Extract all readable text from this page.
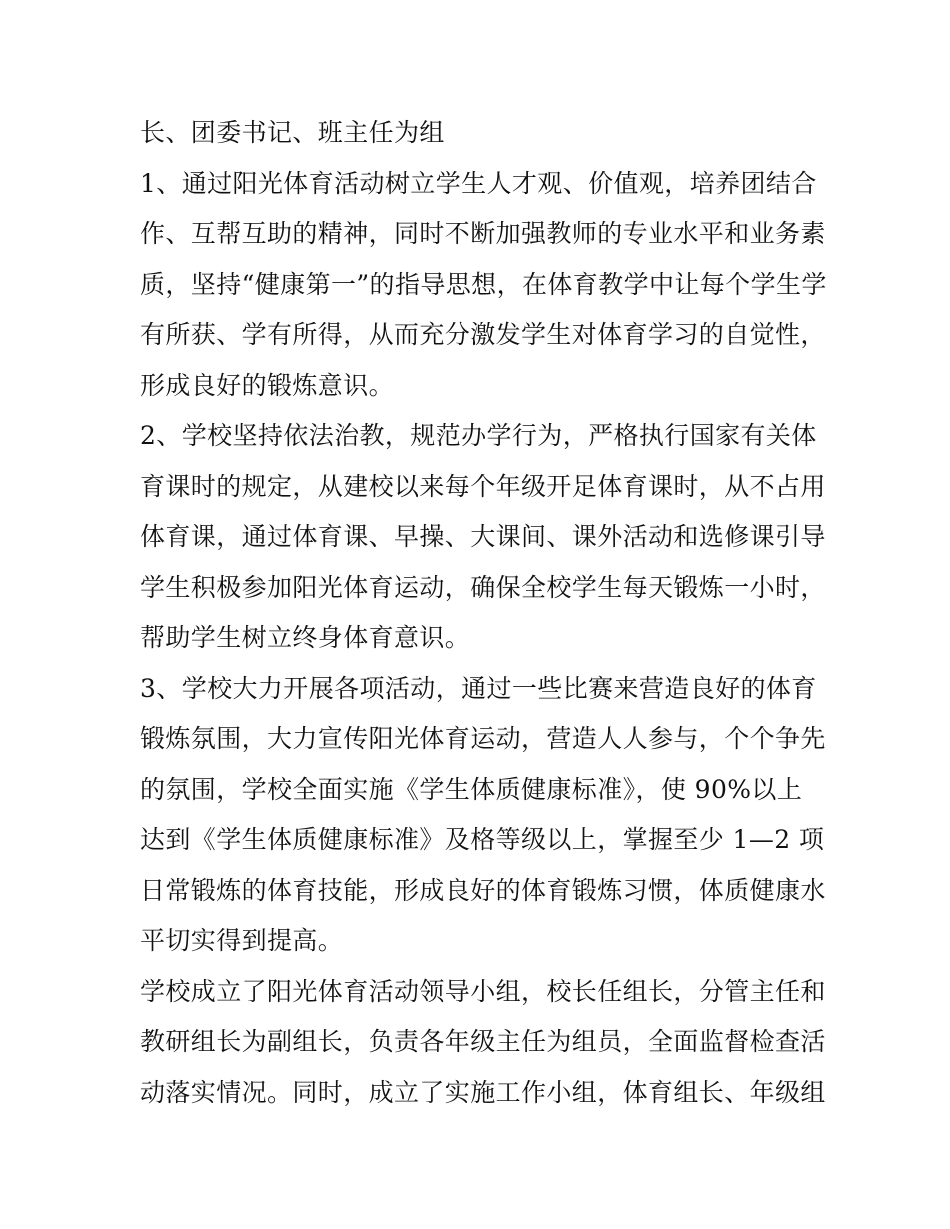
长、团委书记、班主任为组
1、通过阳光体育活动树立学生人才观、价值观，培养团结合
作、互帮互助的精神，同时不断加强教师的专业水平和业务素
质，坚持“健康第一”的指导思想，在体育教学中让每个学生学
有所获、学有所得，从而充分激发学生对体育学习的自觉性，
形成良好的锻炼意识。
2、学校坚持依法治教，规范办学行为，严格执行国家有关体
育课时的规定，从建校以来每个年级开足体育课时，从不占用
体育课，通过体育课、早操、大课间、课外活动和选修课引导
学生积极参加阳光体育运动，确保全校学生每天锻炼一小时，
帮助学生树立终身体育意识。
3、学校大力开展各项活动，通过一些比赛来营造良好的体育
锻炼氛围，大力宣传阳光体育运动，营造人人参与，个个争先
的氛围，学校全面实施《学生体质健康标准》，使 90%以上
达到《学生体质健康标准》及格等级以上，掌握至少 1—2 项
日常锻炼的体育技能，形成良好的体育锻炼习惯，体质健康水
平切实得到提高。
学校成立了阳光体育活动领导小组，校长任组长，分管主任和
教研组长为副组长，负责各年级主任为组员，全面监督检查活
动落实情况。同时，成立了实施工作小组，体育组长、年级组
